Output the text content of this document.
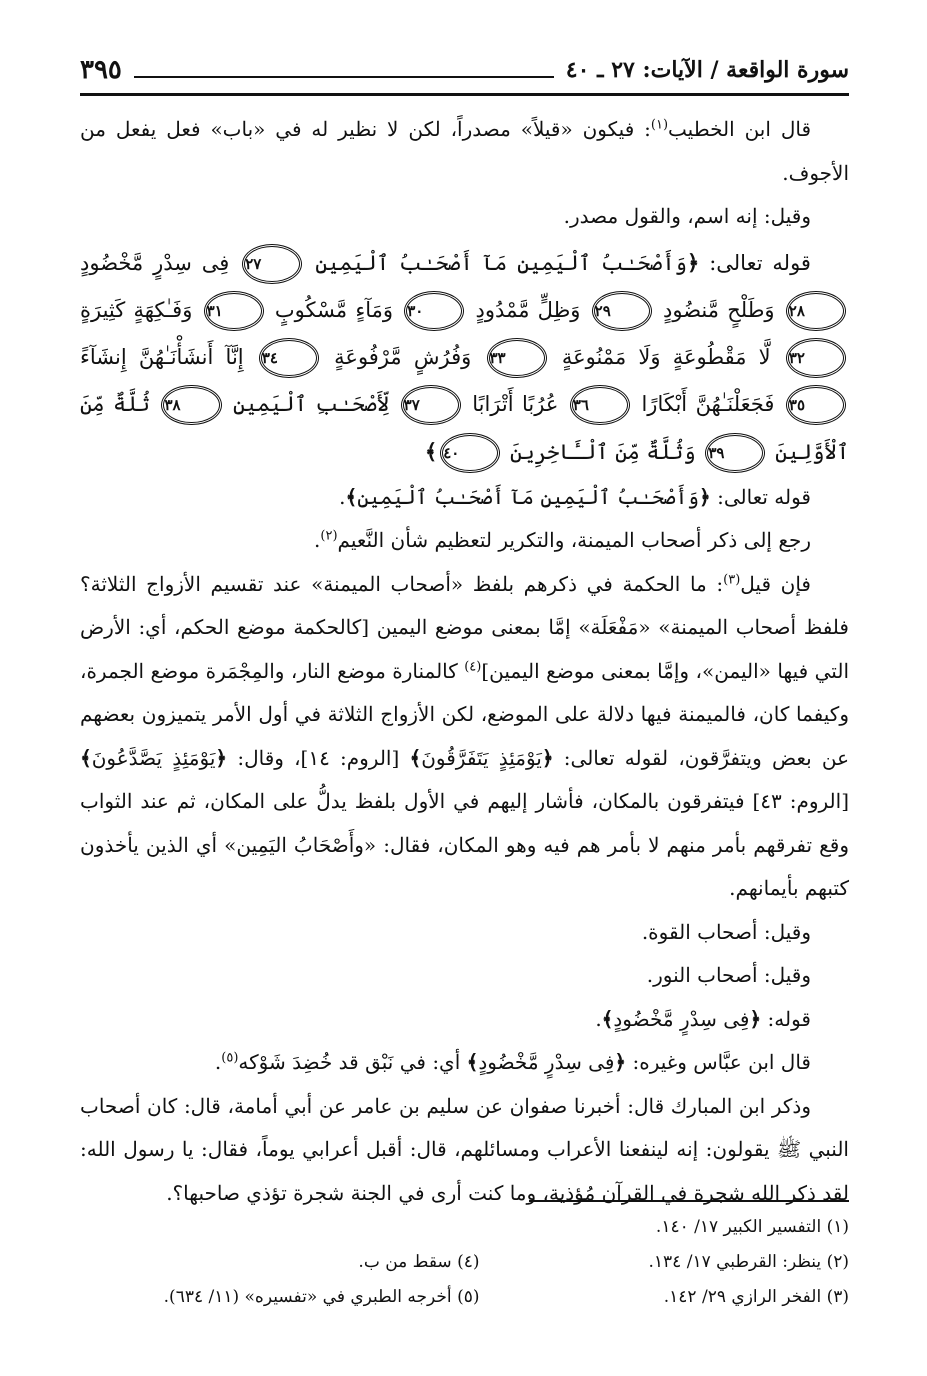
سورة الواقعة / الآيات: ٢٧ ـ ٤٠
٣٩٥

قال ابن الخطيب$^{(١)}$: فيكون «قيلاً» مصدراً، لكن لا نظير له في «باب» فعل يفعل من الأجوف.

وقيل: إنه اسم، والقول مصدر.

قوله تعالى: ﴿وَأَصْحَـٰبُ ٱلْيَمِينِ مَآ أَصْحَـٰبُ ٱلْيَمِينِ ٢٧ فِى سِدْرٍ مَّخْضُودٍ ٢٨ وَطَلْحٍ مَّنضُودٍ ٢٩ وَظِلٍّ مَّمْدُودٍ ٣٠ وَمَآءٍ مَّسْكُوبٍ ٣١ وَفَـٰكِهَةٍ كَثِيرَةٍ ٣٢ لَّا مَقْطُوعَةٍ وَلَا مَمْنُوعَةٍ ٣٣ وَفُرُشٍ مَّرْفُوعَةٍ ٣٤ إِنَّآ أَنشَأْنَـٰهُنَّ إِنشَآءً ٣٥ فَجَعَلْنَـٰهُنَّ أَبْكَارًا ٣٦ عُرُبًا أَتْرَابًا ٣٧ لِّأَصْحَـٰبِ ٱلْيَمِينِ ٣٨ ثُلَّةٌ مِّنَ ٱلْأَوَّلِينَ ٣٩ وَثُلَّةٌ مِّنَ ٱلْـَٔاخِرِينَ ٤٠﴾

قوله تعالى: ﴿وَأَصْحَـٰبُ ٱلْيَمِينِ مَآ أَصْحَـٰبُ ٱلْيَمِينِ﴾.

رجع إلى ذكر أصحاب الميمنة، والتكرير لتعظيم شأن النَّعيم$^{(٢)}$.

فإن قيل$^{(٣)}$: ما الحكمة في ذكرهم بلفظ «أصحاب الميمنة» عند تقسيم الأزواج الثلاثة؟ فلفظ أصحاب الميمنة» «مَفْعَلَة» إمَّا بمعنى موضع اليمين [كالحكمة موضع الحكم، أي: الأرض التي فيها «اليمن»، وإمَّا بمعنى موضع اليمين]$^{(٤)}$ كالمنارة موضع النار، والمِجْمَرة موضع الجمرة، وكيفما كان، فالميمنة فيها دلالة على الموضع، لكن الأزواج الثلاثة في أول الأمر يتميزون بعضهم عن بعض ويتفرَّقون، لقوله تعالى: ﴿يَوْمَئِذٍ يَتَفَرَّقُونَ﴾ [الروم: ١٤]، وقال: ﴿يَوْمَئِذٍ يَصَّدَّعُونَ﴾ [الروم: ٤٣] فيتفرقون بالمكان، فأشار إليهم في الأول بلفظ يدلُّ على المكان، ثم عند الثواب وقع تفرقهم بأمر منهم لا بأمر هم فيه وهو المكان، فقال: «وأَصْحَابُ اليَمِين» أي الذين يأخذون كتبهم بأيمانهم.

وقيل: أصحاب القوة.

وقيل: أصحاب النور.

قوله: ﴿فِى سِدْرٍ مَّخْضُودٍ﴾.

قال ابن عبَّاس وغيره: ﴿فِى سِدْرٍ مَّخْضُودٍ﴾ أي: في نَبْق قد خُضِدَ شَوْكه$^{(٥)}$.

وذكر ابن المبارك قال: أخبرنا صفوان عن سليم بن عامر عن أبي أمامة، قال: كان أصحاب النبي ﷺ يقولون: إنه لينفعنا الأعراب ومسائلهم، قال: أقبل أعرابي يوماً، فقال: يا رسول الله: لقد ذكر الله شجرة في القرآن مُؤذية، وما كنت أرى في الجنة شجرة تؤذي صاحبها؟.

(١) التفسير الكبير ١٧/ ١٤٠.
(٢) ينظر: القرطبي ١٧/ ١٣٤.
(٤) سقط من ب.
(٣) الفخر الرازي ٢٩/ ١٤٢.
(٥) أخرجه الطبري في «تفسيره» (١١/ ٦٣٤).
